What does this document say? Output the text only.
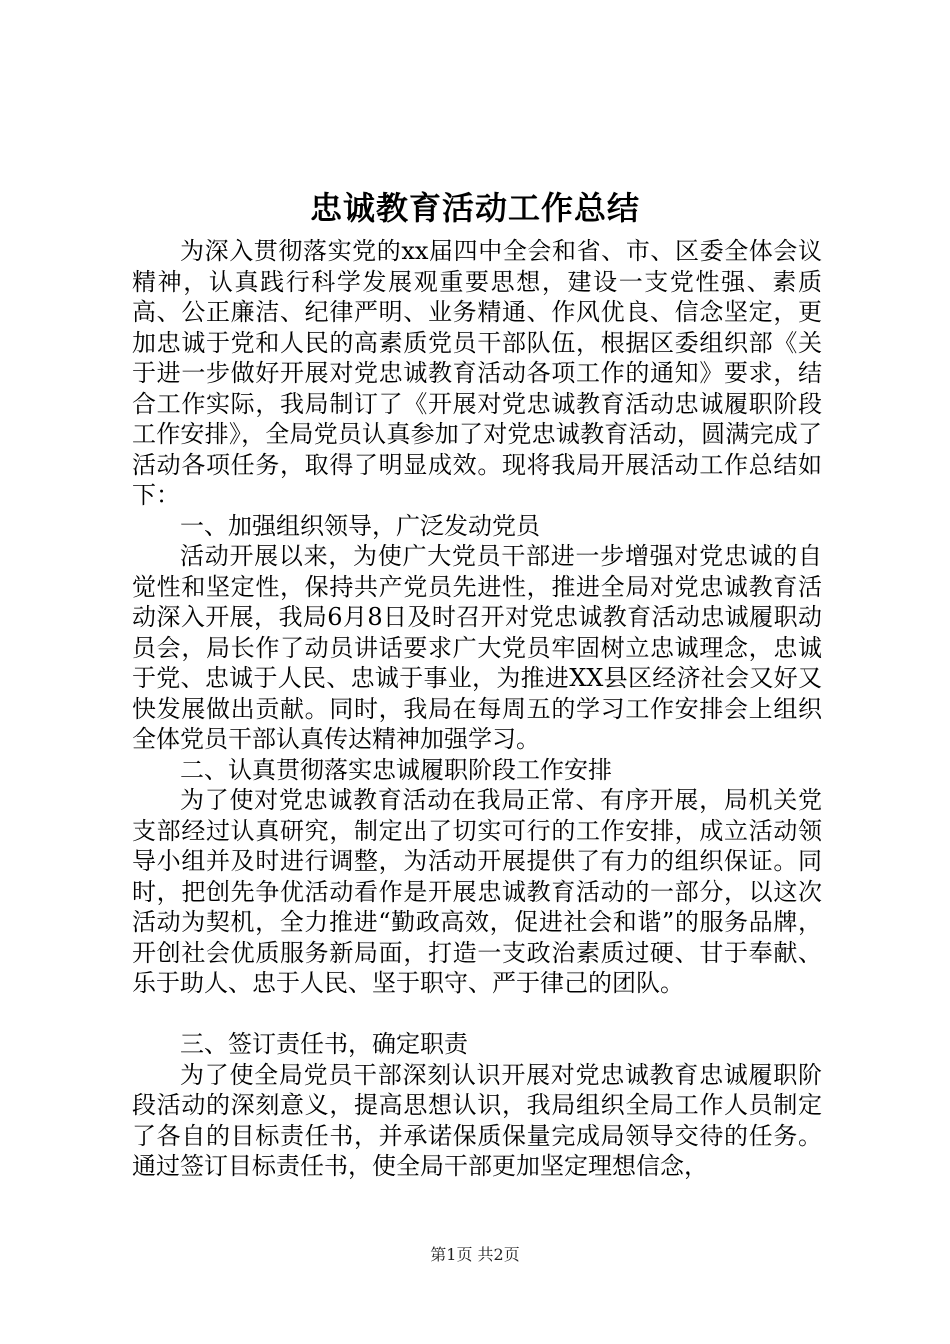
忠诚教育活动工作总结

为深入贯彻落实党的xx届四中全会和省、市、区委全体会议精神，认真践行科学发展观重要思想，建设一支党性强、素质高、公正廉洁、纪律严明、业务精通、作风优良、信念坚定，更加忠诚于党和人民的高素质党员干部队伍，根据区委组织部《关于进一步做好开展对党忠诚教育活动各项工作的通知》要求，结合工作实际，我局制订了《开展对党忠诚教育活动忠诚履职阶段工作安排》，全局党员认真参加了对党忠诚教育活动，圆满完成了活动各项任务，取得了明显成效。现将我局开展活动工作总结如下：

一、加强组织领导，广泛发动党员

活动开展以来，为使广大党员干部进一步增强对党忠诚的自觉性和坚定性，保持共产党员先进性，推进全局对党忠诚教育活动深入开展，我局6月8日及时召开对党忠诚教育活动忠诚履职动员会，局长作了动员讲话要求广大党员牢固树立忠诚理念，忠诚于党、忠诚于人民、忠诚于事业，为推进XX县区经济社会又好又快发展做出贡献。同时，我局在每周五的学习工作安排会上组织全体党员干部认真传达精神加强学习。

二、认真贯彻落实忠诚履职阶段工作安排

为了使对党忠诚教育活动在我局正常、有序开展，局机关党支部经过认真研究，制定出了切实可行的工作安排，成立活动领导小组并及时进行调整，为活动开展提供了有力的组织保证。同时，把创先争优活动看作是开展忠诚教育活动的一部分，以这次活动为契机，全力推进“勤政高效，促进社会和谐”的服务品牌，开创社会优质服务新局面，打造一支政治素质过硬、甘于奉献、乐于助人、忠于人民、坚于职守、严于律己的团队。

三、签订责任书，确定职责

为了使全局党员干部深刻认识开展对党忠诚教育忠诚履职阶段活动的深刻意义，提高思想认识，我局组织全局工作人员制定了各自的目标责任书，并承诺保质保量完成局领导交待的任务。通过签订目标责任书，使全局干部更加坚定理想信念，

第1页 共2页
